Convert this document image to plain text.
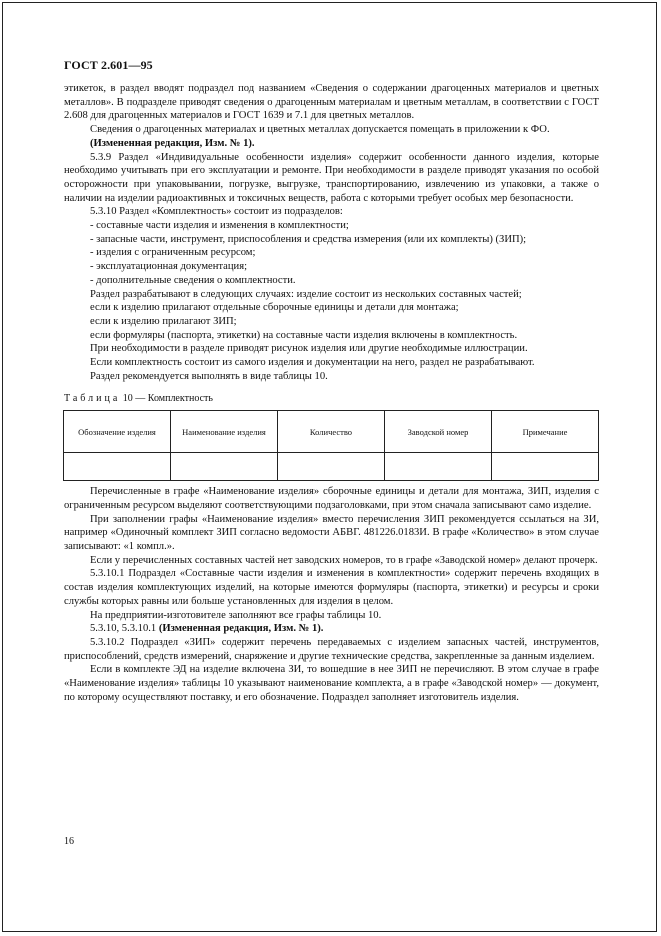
ГОСТ 2.601—95

этикеток, в раздел вводят подраздел под названием «Сведения о содержании драгоценных материалов и цветных металлов». В подразделе приводят сведения о драгоценным материалам и цветным металлам, в соответствии с ГОСТ 2.608 для драгоценных материалов и ГОСТ 1639 и 7.1 для цветных металлов.

Сведения о драгоценных материалах и цветных металлах допускается помещать в приложении к ФО.

(Измененная редакция, Изм. № 1).

5.3.9 Раздел «Индивидуальные особенности изделия» содержит особенности данного изделия, которые необходимо учитывать при его эксплуатации и ремонте. При необходимости в разделе приводят указания по особой осторожности при упаковывании, погрузке, выгрузке, транспортированию, извлечению из упаковки, а также о наличии на изделии радиоактивных и токсичных веществ, работа с которыми требует особых мер безопасности.

5.3.10 Раздел «Комплектность» состоит из подразделов:

- составные части изделия и изменения в комплектности;

- запасные части, инструмент, приспособления и средства измерения (или их комплекты) (ЗИП);

- изделия с ограниченным ресурсом;

- эксплуатационная документация;

- дополнительные сведения о комплектности.

Раздел разрабатывают в следующих случаях: изделие состоит из нескольких составных частей;

если к изделию прилагают отдельные сборочные единицы и детали для монтажа;

если к изделию прилагают ЗИП;

если формуляры (паспорта, этикетки) на составные части изделия включены в комплектность.

При необходимости в разделе приводят рисунок изделия или другие необходимые иллюстрации.

Если комплектность состоит из самого изделия и документации на него, раздел не разрабатывают.

Раздел рекомендуется выполнять в виде таблицы 10.

Таблица 10 — Комплектность
Обозначение изделия	Наименование изделия	Количество	Заводской номер	Примечание

Перечисленные в графе «Наименование изделия» сборочные единицы и детали для монтажа, ЗИП, изделия с ограниченным ресурсом выделяют соответствующими подзаголовками, при этом сначала записывают само изделие.

При заполнении графы «Наименование изделия» вместо перечисления ЗИП рекомендуется ссылаться на ЗИ, например «Одиночный комплект ЗИП согласно ведомости АБВГ. 481226.0183И. В графе «Количество» в этом случае записывают: «1 компл.».

Если у перечисленных составных частей нет заводских номеров, то в графе «Заводской номер» делают прочерк.

5.3.10.1 Подраздел «Составные части изделия и изменения в комплектности» содержит перечень входящих в состав изделия комплектующих изделий, на которые имеются формуляры (паспорта, этикетки) и ресурсы и сроки службы которых равны или больше установленных для изделия в целом.

На предприятии-изготовителе заполняют все графы таблицы 10.

5.3.10, 5.3.10.1 (Измененная редакция, Изм. № 1).

5.3.10.2 Подраздел «ЗИП» содержит перечень передаваемых с изделием запасных частей, инструментов, приспособлений, средств измерений, снаряжение и другие технические средства, закрепленные за данным изделием.

Если в комплекте ЭД на изделие включена ЗИ, то вошедшие в нее ЗИП не перечисляют. В этом случае в графе «Наименование изделия» таблицы 10 указывают наименование комплекта, а в графе «Заводской номер» — документ, по которому осуществляют поставку, и его обозначение. Подраздел заполняет изготовитель изделия.

16
